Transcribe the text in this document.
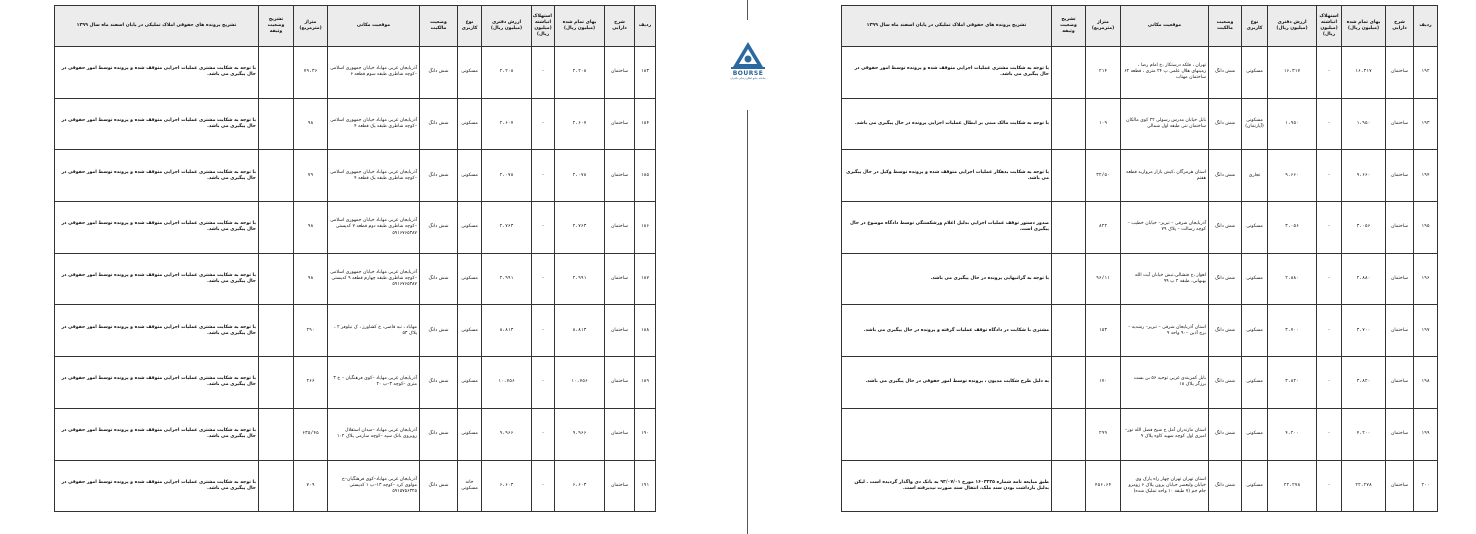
ردیف	شرح دارایی	بهای تمام شده (میلیون ریال)	استهلاک انباشته (میلیون ریال)	ارزش دفتری (میلیون ریال)	نوع کاربری	وضعیت مالکیت	موقعیت مکانی	متراژ (مترمربع)	تشریح وضعیت وثیقه	تشریح پرونده های حقوقی املاک تملیکی در پایان اسفند ماه سال ۱۳۹۹
۱۸۳	ساختمان	۲،۲۰۸	-	۲،۲۰۸	مسکونی	شش دانگ	آذربایجان غربی مهاباد خیابان جمهوری اسلامی –کوچه شاطری طبقه سوم قطعه ۶	۷۹،۳۶		با توجه به شکایت مشتری عملیات اجرایی متوقف شده و پرونده توسط امور حقوقی در حال پیگیری می باشد.
۱۸۴	ساختمان	۲،۶۰۷	-	۲،۶۰۷	مسکونی	شش دانگ	آذربایجان غربی مهاباد خیابان جمهوری اسلامی –کوچه شاطری طبقه یک قطعه ۴	۹۸		با توجه به شکایت مشتری عملیات اجرایی متوقف شده و پرونده توسط امور حقوقی در حال پیگیری می باشد.
۱۸۵	ساختمان	۲،۰۷۸	-	۲،۰۷۸	مسکونی	شش دانگ	آذربایجان غربی مهاباد خیابان جمهوری اسلامی –کوچه شاطری طبقه یک قطعه ۴	۷۹		با توجه به شکایت مشتری عملیات اجرایی متوقف شده و پرونده توسط امور حقوقی در حال پیگیری می باشد.
۱۸۶	ساختمان	۲،۷۶۳	-	۲،۷۶۳	مسکونی	شش دانگ	آذربایجان غربی مهاباد خیابان جمهوری اسلامی –کوچه شاطری طبقه دوم قطعه ۷ کدپستی ۵۹۱۶۷۶۵۳۸۷	۹۸		با توجه به شکایت مشتری عملیات اجرایی متوقف شده و پرونده توسط امور حقوقی در حال پیگیری می باشد.
۱۸۷	ساختمان	۲،۹۹۱	-	۲،۹۹۱	مسکونی	شش دانگ	آذربایجان غربی مهاباد خیابان جمهوری اسلامی –کوچه شاطری طبقه چهارم قطعه ۹ کدپستی ۵۹۱۶۷۶۵۳۸۷	۹۸		با توجه به شکایت مشتری عملیات اجرایی متوقف شده و پرونده توسط امور حقوقی در حال پیگیری می باشد.
۱۸۸	ساختمان	۸،۸۱۳	-	۸،۸۱۳	مسکونی	شش دانگ	مهاباد ، نبه قاضی، خ کشاورز ، ک نیلوفر ۲ ، پلاک ۵۳	۲۹۰		با توجه به شکایت مشتری عملیات اجرایی متوقف شده و پرونده توسط امور حقوقی در حال پیگیری می باشد.
۱۸۹	ساختمان	۱۰،۷۵۶	-	۱۰،۷۵۶	مسکونی	شش دانگ	آذربایجان غربی مهاباد –کوی فرهنگیان – خ ۳ متری –کوچه ۳–پ ۲۰	۲۶۶		با توجه به شکایت مشتری عملیات اجرایی متوقف شده و پرونده توسط امور حقوقی در حال پیگیری می باشد.
۱۹۰	ساختمان	۹،۹۶۶	-	۹،۹۶۶	مسکونی	شش دانگ	آذربایجان غربی مهاباد –میدان استقلال روبروی بانک سپه –کوچه سارمی پلاک ۱۰۲	۶۳۵/۴۵		با توجه به شکایت مشتری عملیات اجرایی متوقف شده و پرونده توسط امور حقوقی در حال پیگیری می باشد.
۱۹۱	ساختمان	۶،۶۰۳	-	۶،۶۰۳	خانه مسکونی	شش دانگ	آذربایجان غربی مهاباد–کوی فرهنگیان–خ مولوی کرد –کوچه ۱۳–پ ۱ کدپستی ۵۹۱۵۷۵۶۳۲۵	۷۰۹		با توجه به شکایت مشتری عملیات اجرایی متوقف شده و پرونده توسط امور حقوقی در حال پیگیری می باشد.
BOURSE
سامانه جامع اطلاع رسانی ناشران
ردیف	شرح دارایی	بهای تمام شده (میلیون ریال)	استهلاک انباشته (میلیون ریال)	ارزش دفتری (میلیون ریال)	نوع کاربری	وضعیت مالکیت	موقعیت مکانی	متراژ (مترمربع)	تشریح وضعیت وثیقه	تشریح پرونده های حقوقی املاک تملیکی در پایان اسفند ماه سال ۱۳۹۹
۱۹۲	ساختمان	۱۶،۳۱۷	-	۱۶،۳۱۷	مسکونی	شش دانگ	تهران ، فلکه درستکار ،خ امام رضا ، زمینهای هلال علمی پ ۲۴ متری ، قطعه ۶۲ ساختمان مهتاب	۲۱۴		با توجه به شکایت مشتری عملیات اجرایی متوقف شده و پرونده توسط امور حقوقی در حال پیگیری می باشد.
۱۹۳	ساختمان	۱،۹۵۰	-	۱،۹۵۰	مسکونی (آپارتمان)	شش دانگ	بابل خیابان مدرس رسولی ۲۲ کوی مالکان ساختمان تنی طبقه اول شمالی	۱۰۹		با توجه به شکایت مالک مبنی بر ابطال عملیات اجرایی پرونده در حال پیگیری می باشد.
۱۹۴	ساختمان	۹،۶۶۰	-	۹،۶۶۰	تجاری	شش دانگ	استان هرمزگان ،کیش بازار مروارید قطعه هفتم	۳۲/۵۰		با توجه به شکایت بدهکار عملیات اجرایی متوقف شده و پرونده توسط وکیل در حال پیگیری می باشد.
۱۹۵	ساختمان	۳،۰۵۶	-	۳،۰۵۶	مسکونی	شش دانگ	آذربایجان شرقی – تبریز– خیابان خطیب – کوچه رسالت – پلاک ۷۹	۸۲۲		صدور دستور توقف عملیات اجرایی بدلیل اعلام ورشکستگی توسط دادگاه موضوع در حال پیگیری است.
۱۹۶	ساختمان	۲،۸۸۰	-	۲،۸۸۰	مسکونی	شش دانگ	اهواز ،خ فتشالی،نبش خیابان آیت الله بهبهانی، طبقه ۲ پ ۹۹	۹۶/۱۱		با توجه به گرانبهایی پرونده در حال پیگیری می باشد.
۱۹۷	ساختمان	۳،۷۰۰	-	۳،۷۰۰	مسکونی	شش دانگ	استان آذربایجان شرقی – تبریز– رشدیه – برج آذین –۹۰ واحد ۹	۱۵۳		مشتری با شکایت در دادگاه توقف عملیات گرفته و پرونده در حال پیگیری می باشد.
۱۹۸	ساختمان	۳،۸۲۰	-	۳،۸۲۰	مسکونی	شش دانگ	بابل کمربندی غربی توحید ۵۶ بن بست برزگر پلاک ۱۸	۱۷۰		به دلیل طرح شکایت مدیون ، پرونده توسط امور حقوقی در حال پیگیری می باشد.
۱۹۹	ساختمان	۴،۲۰۰	-	۴،۲۰۰	مسکونی	شش دانگ	استان مازندران آمل خ شیخ فضل الله نور–امیری اول کوچه شهید کاوه پلاک ۹	۲۹۹		
۲۰۰	ساختمان	۲۲،۲۷۸	-	۲۲،۲۷۸	مسکونی	شش دانگ	استان تهران تهران چهار راه پارک وی خیابان ولیعصر خیابان پرون پلاک ۶ زومرو جام جم (۷ طبقه ۱۰ واحد تملیک شده)	۴۵۶،۶۴		طبق مبایعه نامه شماره ۱۶۰۳۲۲۵ مورخ ۹۳/۰۷/۰۱ به بانک دی واگذار گردیده است . لیکن بدلیل بازداشت بودن سند ملک، انتقال سند صورت نپذیرفته است.
